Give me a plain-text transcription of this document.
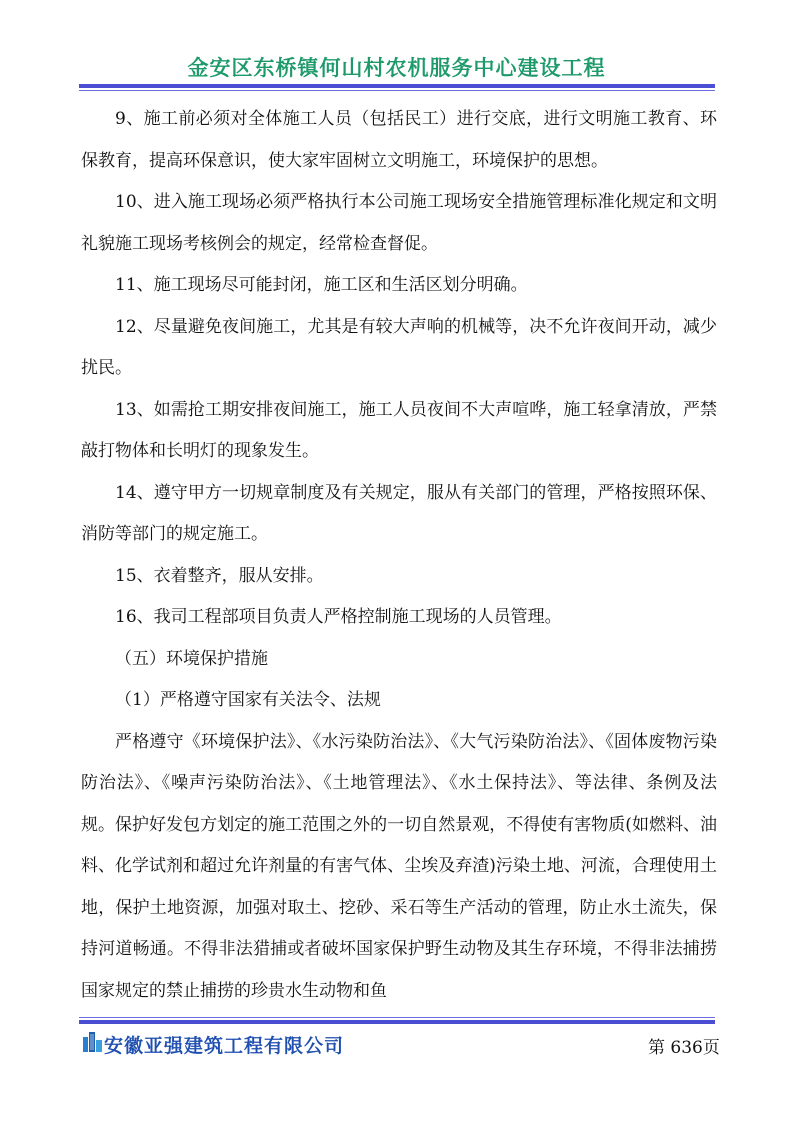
金安区东桥镇何山村农机服务中心建设工程

9、施工前必须对全体施工人员（包括民工）进行交底，进行文明施工教育、环保教育，提高环保意识，使大家牢固树立文明施工，环境保护的思想。

10、进入施工现场必须严格执行本公司施工现场安全措施管理标准化规定和文明礼貌施工现场考核例会的规定，经常检查督促。

11、施工现场尽可能封闭，施工区和生活区划分明确。

12、尽量避免夜间施工，尤其是有较大声响的机械等，决不允许夜间开动，减少扰民。

13、如需抢工期安排夜间施工，施工人员夜间不大声喧哗，施工轻拿清放，严禁敲打物体和长明灯的现象发生。

14、遵守甲方一切规章制度及有关规定，服从有关部门的管理，严格按照环保、消防等部门的规定施工。

15、衣着整齐，服从安排。

16、我司工程部项目负责人严格控制施工现场的人员管理。

（五）环境保护措施

（1）严格遵守国家有关法令、法规

严格遵守《环境保护法》、《水污染防治法》、《大气污染防治法》、《固体废物污染防治法》、《噪声污染防治法》、《土地管理法》、《水土保持法》、等法律、条例及法规。保护好发包方划定的施工范围之外的一切自然景观，不得使有害物质(如燃料、油料、化学试剂和超过允许剂量的有害气体、尘埃及弃渣)污染土地、河流，合理使用土地，保护土地资源，加强对取土、挖砂、采石等生产活动的管理，防止水土流失，保持河道畅通。不得非法猎捕或者破坏国家保护野生动物及其生存环境，不得非法捕捞国家规定的禁止捕捞的珍贵水生动物和鱼

安徽亚强建筑工程有限公司	第 636页
